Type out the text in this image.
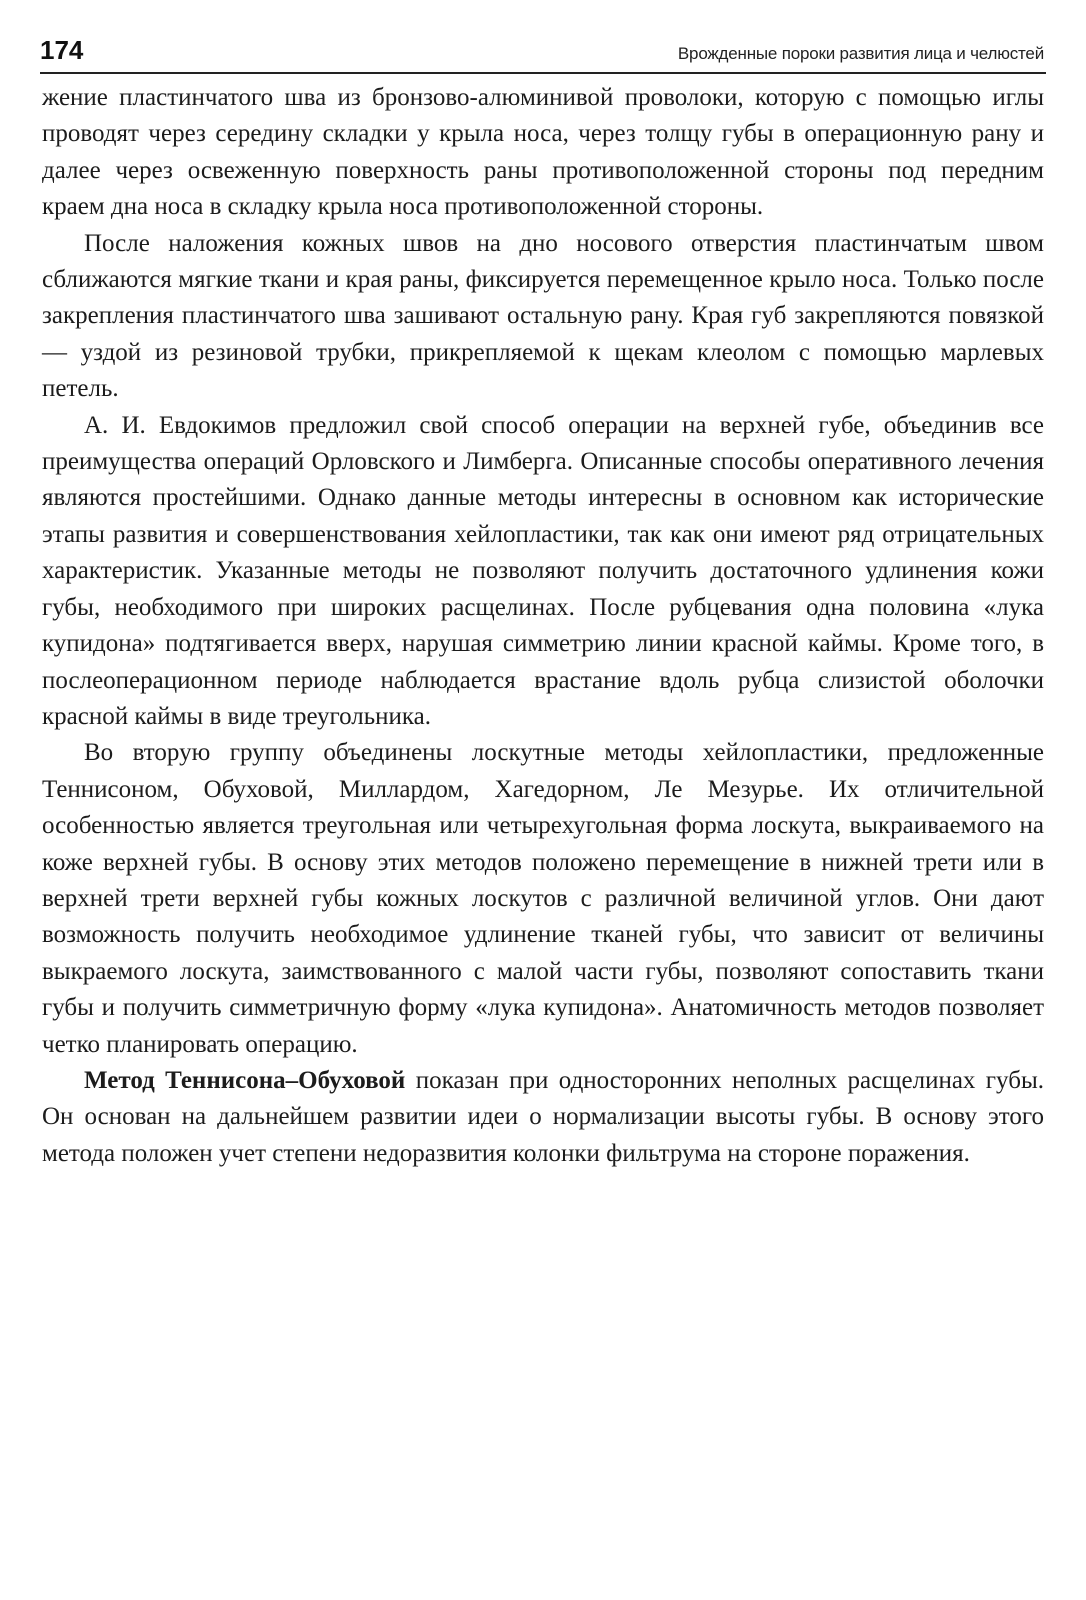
174	Врожденные пороки развития лица и челюстей

жение пластинчатого шва из бронзово-алюминивой проволоки, которую с помощью иглы проводят через середину складки у крыла носа, через толщу губы в операционную рану и далее через освеженную поверхность раны противоположенной стороны под передним краем дна носа в складку крыла носа противоположенной стороны.

После наложения кожных швов на дно носового отверстия пластинчатым швом сближаются мягкие ткани и края раны, фиксируется перемещенное крыло носа. Только после закрепления пластинчатого шва зашивают остальную рану. Края губ закрепляются повязкой — уздой из резиновой трубки, прикрепляемой к щекам клеолом с помощью марлевых петель.

А. И. Евдокимов предложил свой способ операции на верхней губе, объединив все преимущества операций Орловского и Лимберга. Описанные способы оперативного лечения являются простейшими. Однако данные методы интересны в основном как исторические этапы развития и совершенствования хейлопластики, так как они имеют ряд отрицательных характеристик. Указанные методы не позволяют получить достаточного удлинения кожи губы, необходимого при широких расщелинах. После рубцевания одна половина «лука купидона» подтягивается вверх, нарушая симметрию линии красной каймы. Кроме того, в послеоперационном периоде наблюдается врастание вдоль рубца слизистой оболочки красной каймы в виде треугольника.

Во вторую группу объединены лоскутные методы хейлопластики, предложенные Теннисоном, Обуховой, Миллардом, Хагедорном, Ле Мезурье. Их отличительной особенностью является треугольная или четырехугольная форма лоскута, выкраиваемого на коже верхней губы. В основу этих методов положено перемещение в нижней трети или в верхней трети верхней губы кожных лоскутов с различной величиной углов. Они дают возможность получить необходимое удлинение тканей губы, что зависит от величины выкраемого лоскута, заимствованного с малой части губы, позволяют сопоставить ткани губы и получить симметричную форму «лука купидона». Анатомичность методов позволяет четко планировать операцию.

Метод Теннисона–Обуховой показан при односторонних неполных расщелинах губы. Он основан на дальнейшем развитии идеи о нормализации высоты губы. В основу этого метода положен учет степени недоразвития колонки фильтрума на стороне поражения.
